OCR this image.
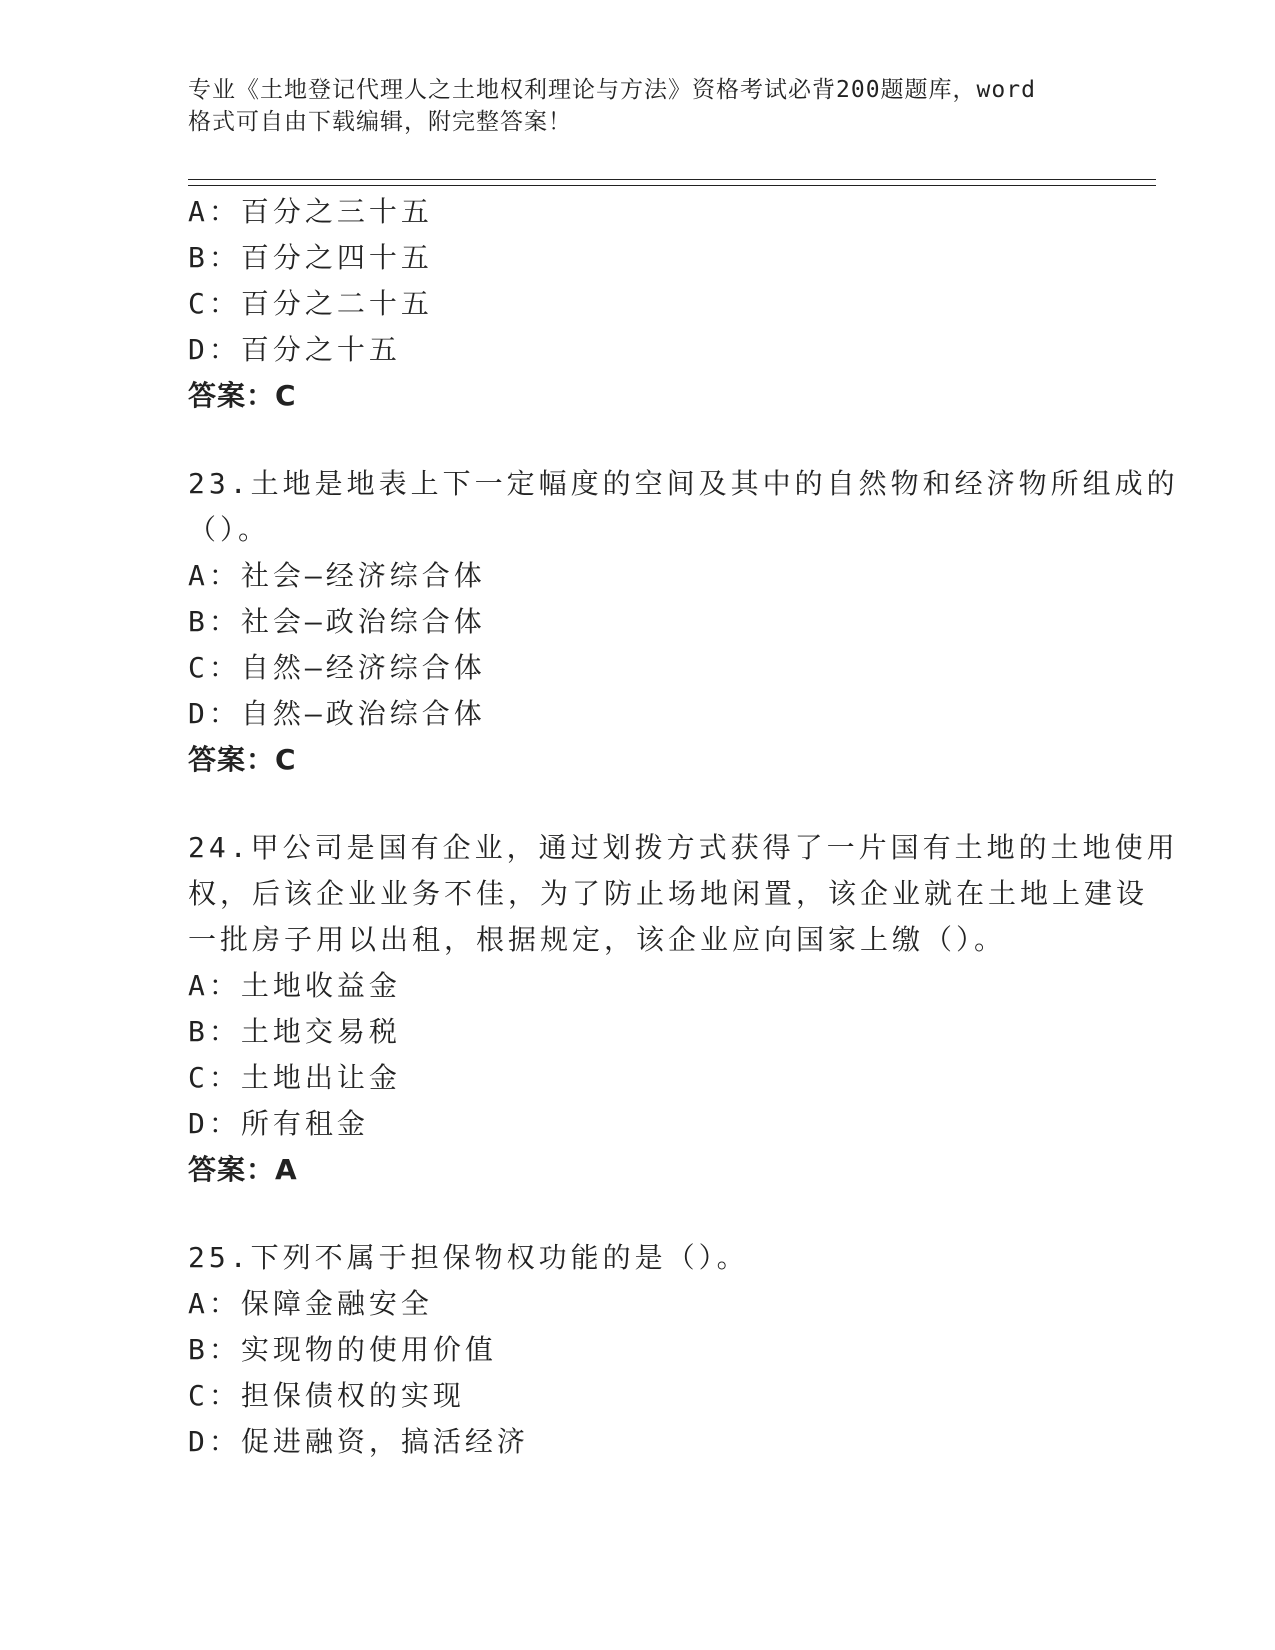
专业《土地登记代理人之土地权利理论与方法》资格考试必背200题题库，word
格式可自由下载编辑，附完整答案！
A：百分之三十五
B：百分之四十五
C：百分之二十五
D：百分之十五
答案：C
23.土地是地表上下一定幅度的空间及其中的自然物和经济物所组成的
（）。
A：社会—经济综合体
B：社会—政治综合体
C：自然—经济综合体
D：自然—政治综合体
答案：C
24.甲公司是国有企业，通过划拨方式获得了一片国有土地的土地使用
权，后该企业业务不佳，为了防止场地闲置，该企业就在土地上建设
一批房子用以出租，根据规定，该企业应向国家上缴（）。
A：土地收益金
B：土地交易税
C：土地出让金
D：所有租金
答案：A
25.下列不属于担保物权功能的是（）。
A：保障金融安全
B：实现物的使用价值
C：担保债权的实现
D：促进融资，搞活经济
